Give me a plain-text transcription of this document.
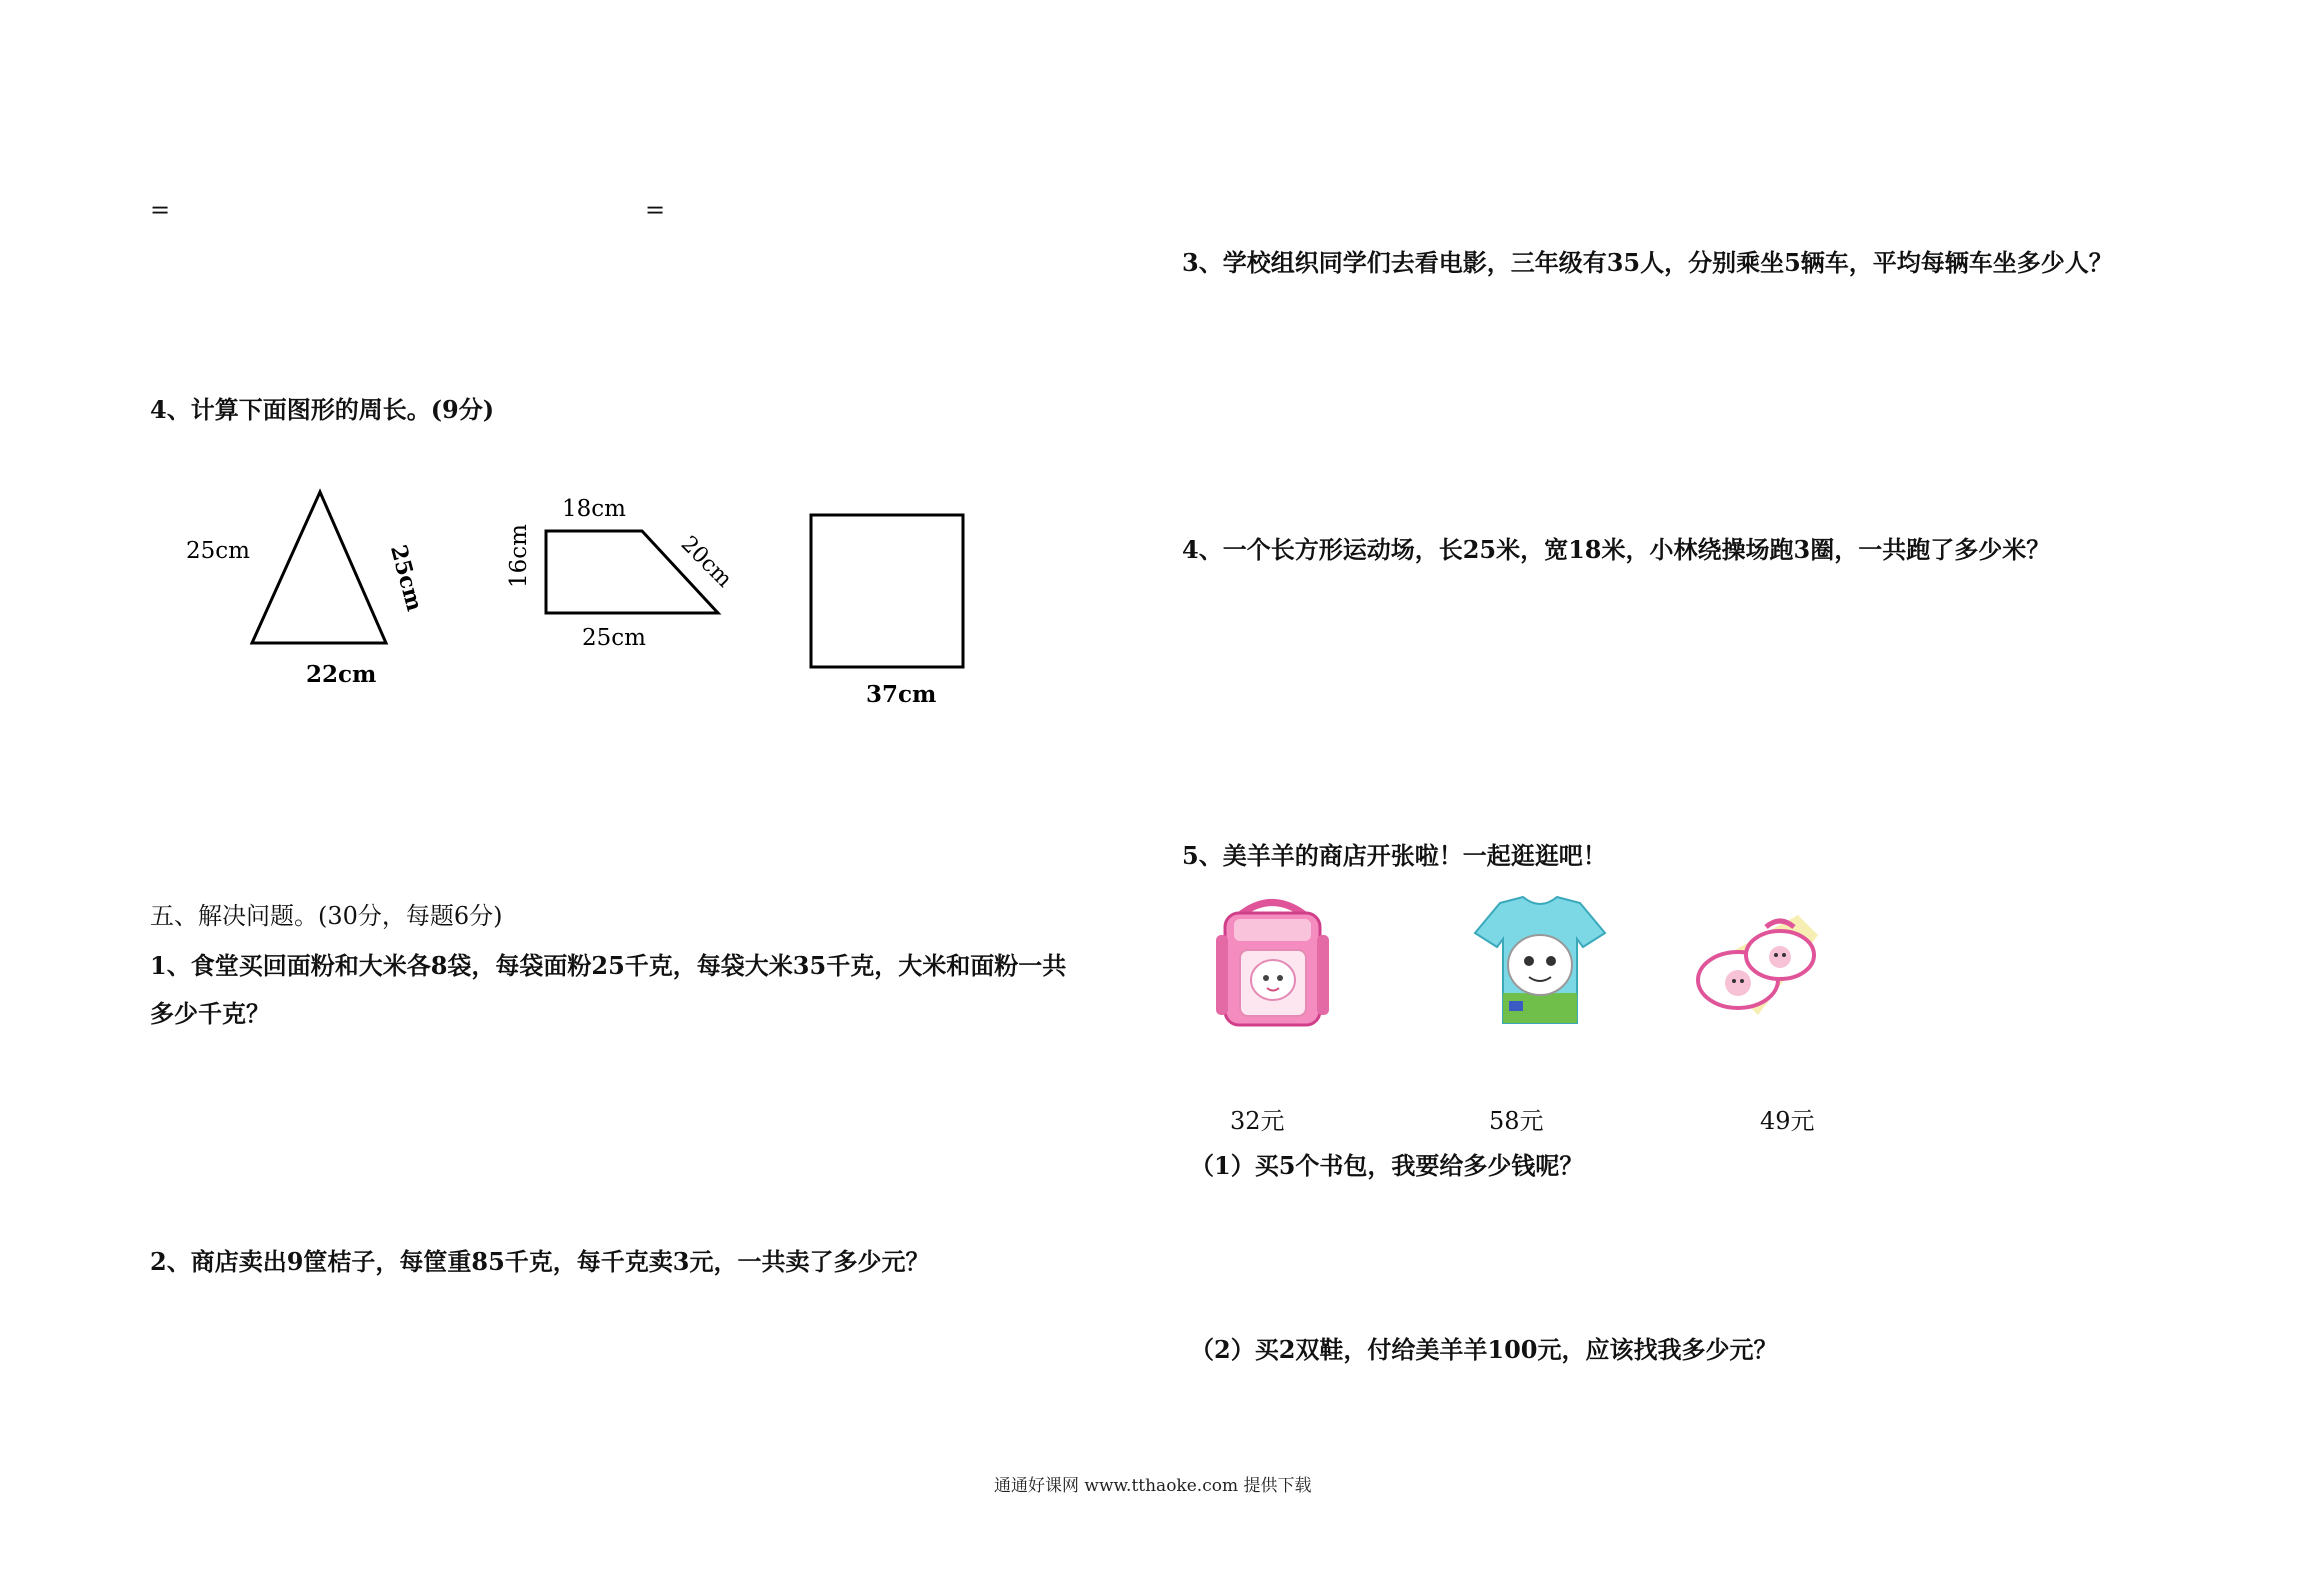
=	=
4、计算下面图形的周长。(9分)
25cm	25cm
22cm
18cm
16cm	20cm
25cm
37cm
五、解决问题。(30分，每题6分)
1、食堂买回面粉和大米各8袋，每袋面粉25千克，每袋大米35千克，大米和面粉一共
多少千克？
2、商店卖出9筐桔子，每筐重85千克，每千克卖3元，一共卖了多少元？
3、学校组织同学们去看电影，三年级有35人，分别乘坐5辆车，平均每辆车坐多少人？
4、一个长方形运动场，长25米，宽18米，小林绕操场跑3圈，一共跑了多少米？
5、美羊羊的商店开张啦！一起逛逛吧！
32元	58元	49元
（1）买5个书包，我要给多少钱呢？
（2）买2双鞋，付给美羊羊100元，应该找我多少元？
通通好课网 www.tthaoke.com 提供下载
